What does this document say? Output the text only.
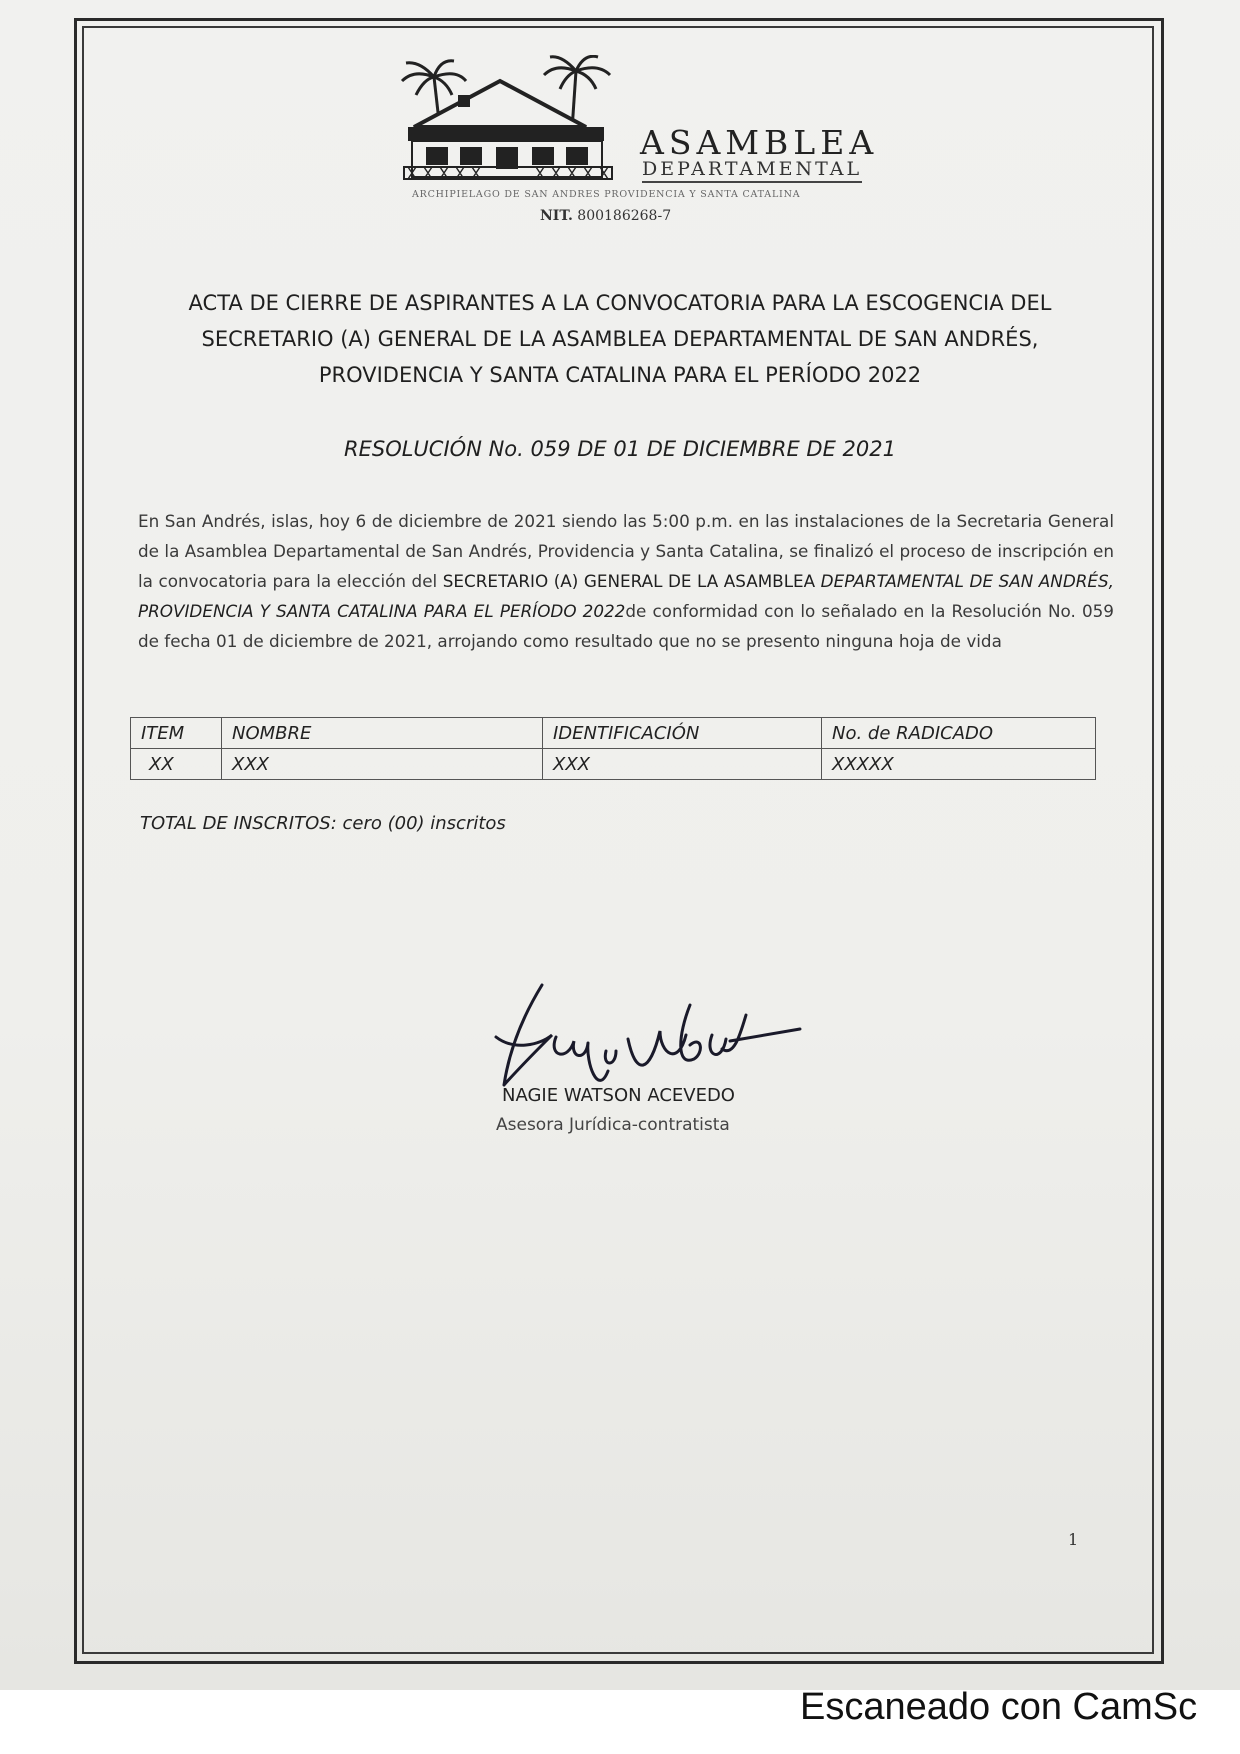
ASAMBLEA
DEPARTAMENTAL
ARCHIPIELAGO DE SAN ANDRES PROVIDENCIA Y SANTA CATALINA
NIT. 800186268-7
ACTA DE CIERRE DE ASPIRANTES A LA CONVOCATORIA PARA LA ESCOGENCIA DEL
SECRETARIO (A) GENERAL DE LA ASAMBLEA DEPARTAMENTAL DE SAN ANDRÉS,
PROVIDENCIA Y SANTA CATALINA PARA EL PERÍODO 2022
RESOLUCIÓN No. 059 DE 01 DE DICIEMBRE DE 2021
En San Andrés, islas, hoy 6 de diciembre de 2021 siendo las 5:00 p.m. en las instalaciones de la Secretaria General de la Asamblea Departamental de San Andrés, Providencia y Santa Catalina, se finalizó el proceso de inscripción en la convocatoria para la elección del SECRETARIO (A) GENERAL DE LA ASAMBLEA DEPARTAMENTAL DE SAN ANDRÉS, PROVIDENCIA Y SANTA CATALINA PARA EL PERÍODO 2022de conformidad con lo señalado en la Resolución No. 059 de fecha 01 de diciembre de 2021, arrojando como resultado que no se presento ninguna hoja de vida
ITEM	NOMBRE	IDENTIFICACIÓN	No. de RADICADO
XX	XXX	XXX	XXXXX
TOTAL DE INSCRITOS: cero (00) inscritos
NAGIE WATSON ACEVEDO
Asesora Jurídica-contratista
1
Escaneado con CamSc
